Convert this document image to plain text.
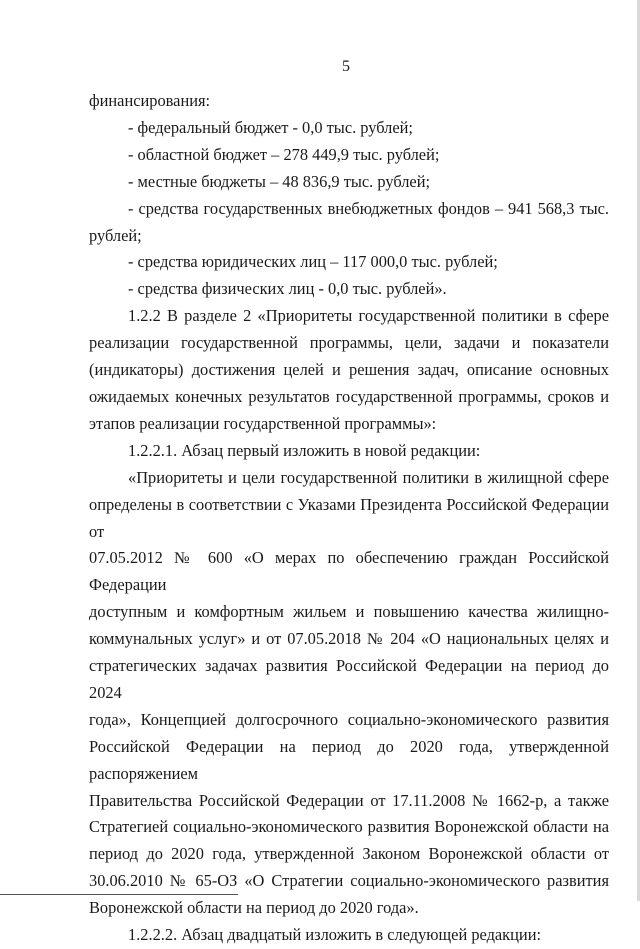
5

финансирования:

- федеральный бюджет - 0,0 тыс. рублей;

- областной бюджет – 278 449,9 тыс. рублей;

- местные бюджеты – 48 836,9 тыс. рублей;

- средства государственных внебюджетных фондов – 941 568,3 тыс.

рублей;

- средства юридических лиц – 117 000,0 тыс. рублей;

- средства физических лиц - 0,0 тыс. рублей».

1.2.2 В разделе 2 «Приоритеты государственной политики в сфере

реализации государственной программы, цели, задачи и показатели

(индикаторы) достижения целей и решения задач, описание основных

ожидаемых конечных результатов государственной программы, сроков и

этапов реализации государственной программы»:

1.2.2.1. Абзац первый изложить в новой редакции:

«Приоритеты и цели государственной политики в жилищной сфере

определены в соответствии с Указами Президента Российской Федерации от

07.05.2012 № 600 «О мерах по обеспечению граждан Российской Федерации

доступным и комфортным жильем и повышению качества жилищно-

коммунальных услуг» и от 07.05.2018 № 204 «О национальных целях и

стратегических задачах развития Российской Федерации на период до 2024

года», Концепцией долгосрочного социально-экономического развития

Российской Федерации на период до 2020 года, утвержденной распоряжением

Правительства Российской Федерации от 17.11.2008 № 1662-р, а также

Стратегией социально-экономического развития Воронежской области на

период до 2020 года, утвержденной Законом Воронежской области от

30.06.2010 № 65-ОЗ «О Стратегии социально-экономического развития

Воронежской области на период до 2020 года».

1.2.2.2. Абзац двадцатый изложить в следующей редакции:
